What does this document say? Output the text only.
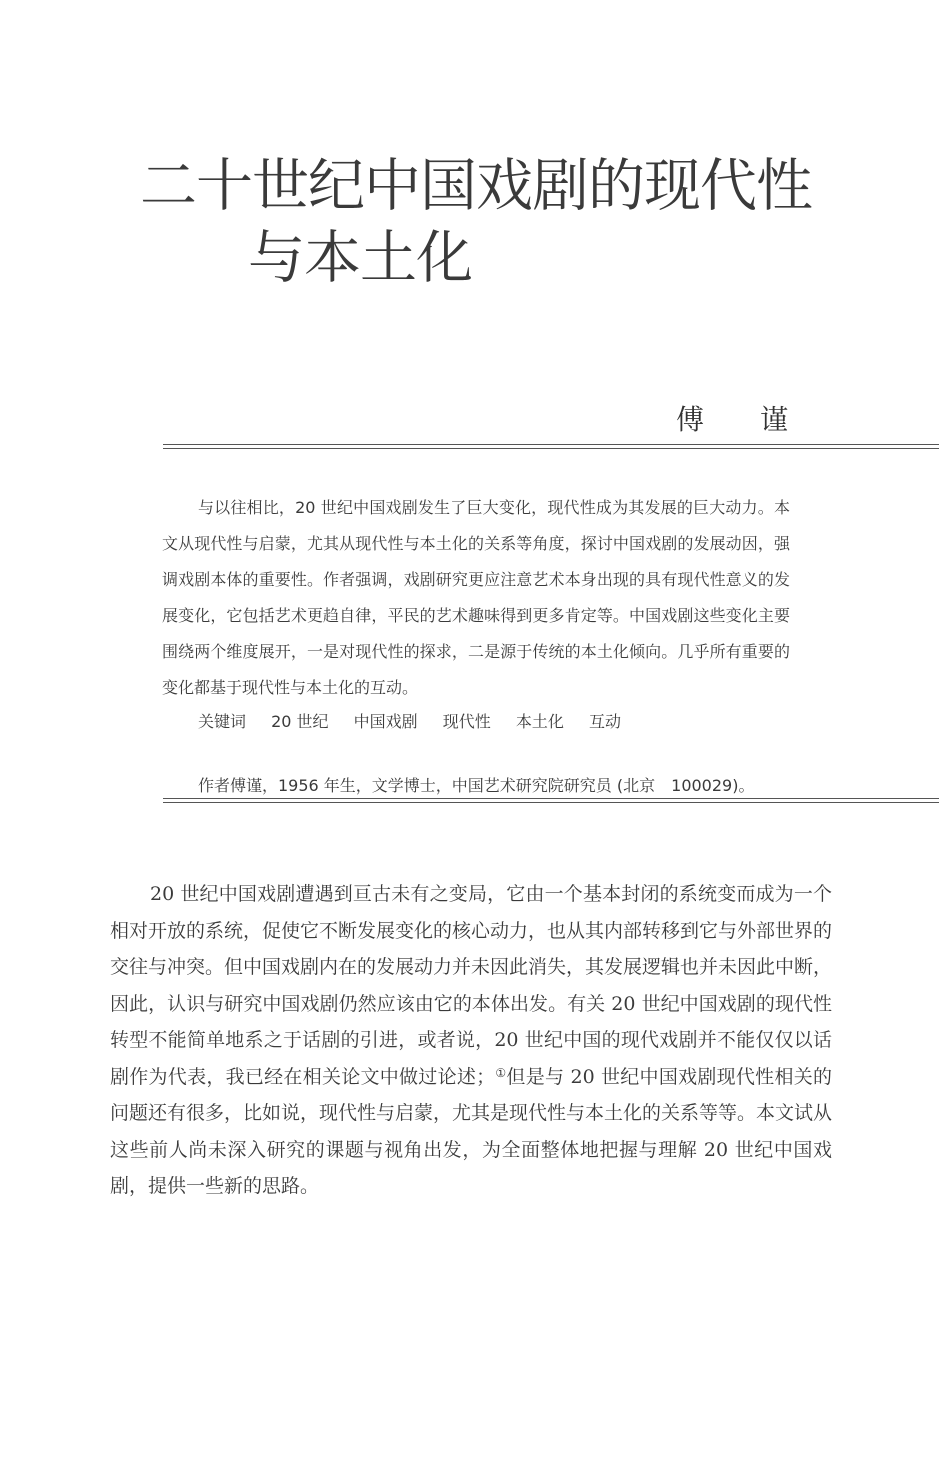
二十世纪中国戏剧的现代性
与本土化
傅 谨

与以往相比，20 世纪中国戏剧发生了巨大变化，现代性成为其发展的巨大动力。本文从现代性与启蒙，尤其从现代性与本土化的关系等角度，探讨中国戏剧的发展动因，强调戏剧本体的重要性。作者强调，戏剧研究更应注意艺术本身出现的具有现代性意义的发展变化，它包括艺术更趋自律，平民的艺术趣味得到更多肯定等。中国戏剧这些变化主要围绕两个维度展开，一是对现代性的探求，二是源于传统的本土化倾向。几乎所有重要的变化都基于现代性与本土化的互动。

关键词 20 世纪 中国戏剧 现代性 本土化 互动
作者傅谨，1956 年生，文学博士，中国艺术研究院研究员 (北京　100029)。

20 世纪中国戏剧遭遇到亘古未有之变局，它由一个基本封闭的系统变而成为一个相对开放的系统，促使它不断发展变化的核心动力，也从其内部转移到它与外部世界的交往与冲突。但中国戏剧内在的发展动力并未因此消失，其发展逻辑也并未因此中断，因此，认识与研究中国戏剧仍然应该由它的本体出发。有关 20 世纪中国戏剧的现代性转型不能简单地系之于话剧的引进，或者说，20 世纪中国的现代戏剧并不能仅仅以话剧作为代表，我已经在相关论文中做过论述；①但是与 20 世纪中国戏剧现代性相关的问题还有很多，比如说，现代性与启蒙，尤其是现代性与本土化的关系等等。本文试从这些前人尚未深入研究的课题与视角出发，为全面整体地把握与理解 20 世纪中国戏剧，提供一些新的思路。
